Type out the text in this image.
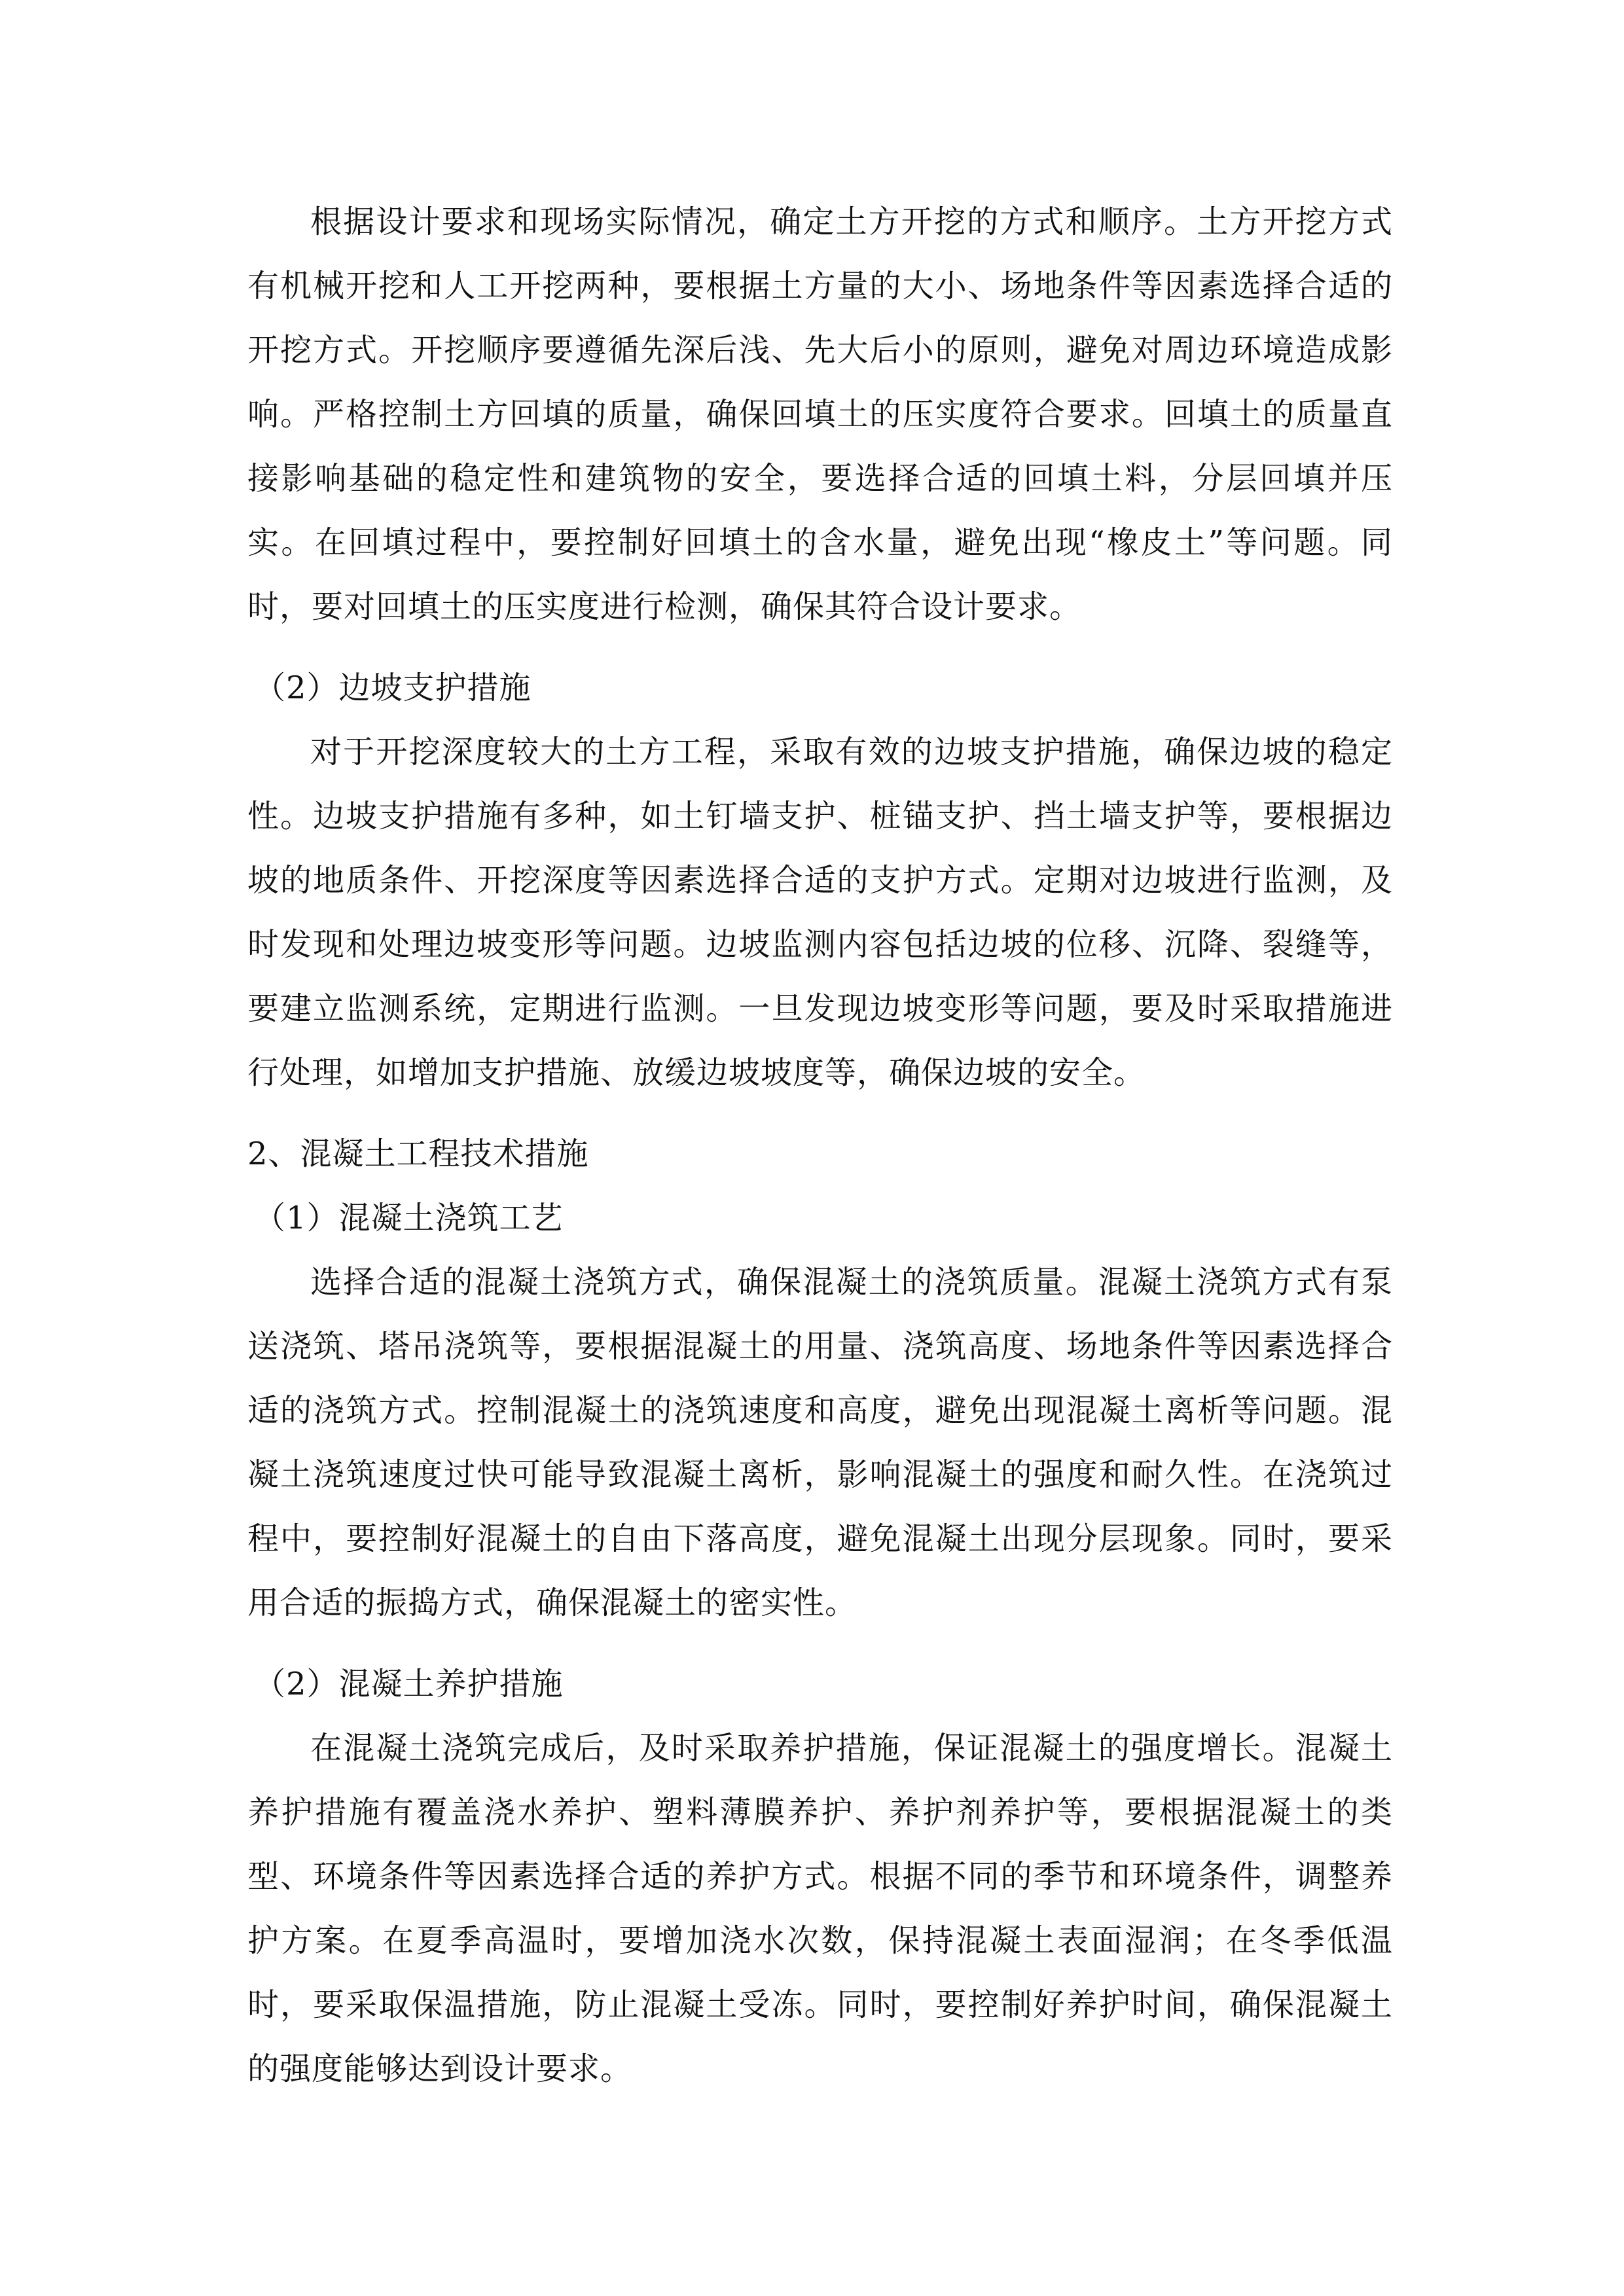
根据设计要求和现场实际情况，确定土方开挖的方式和顺序。土方开挖方式有机械开挖和人工开挖两种，要根据土方量的大小、场地条件等因素选择合适的开挖方式。开挖顺序要遵循先深后浅、先大后小的原则，避免对周边环境造成影响。严格控制土方回填的质量，确保回填土的压实度符合要求。回填土的质量直接影响基础的稳定性和建筑物的安全，要选择合适的回填土料，分层回填并压实。在回填过程中，要控制好回填土的含水量，避免出现“橡皮土”等问题。同时，要对回填土的压实度进行检测，确保其符合设计要求。

（2）边坡支护措施

对于开挖深度较大的土方工程，采取有效的边坡支护措施，确保边坡的稳定性。边坡支护措施有多种，如土钉墙支护、桩锚支护、挡土墙支护等，要根据边坡的地质条件、开挖深度等因素选择合适的支护方式。定期对边坡进行监测，及时发现和处理边坡变形等问题。边坡监测内容包括边坡的位移、沉降、裂缝等，要建立监测系统，定期进行监测。一旦发现边坡变形等问题，要及时采取措施进行处理，如增加支护措施、放缓边坡坡度等，确保边坡的安全。

2、混凝土工程技术措施

（1）混凝土浇筑工艺

选择合适的混凝土浇筑方式，确保混凝土的浇筑质量。混凝土浇筑方式有泵送浇筑、塔吊浇筑等，要根据混凝土的用量、浇筑高度、场地条件等因素选择合适的浇筑方式。控制混凝土的浇筑速度和高度，避免出现混凝土离析等问题。混凝土浇筑速度过快可能导致混凝土离析，影响混凝土的强度和耐久性。在浇筑过程中，要控制好混凝土的自由下落高度，避免混凝土出现分层现象。同时，要采用合适的振捣方式，确保混凝土的密实性。

（2）混凝土养护措施

在混凝土浇筑完成后，及时采取养护措施，保证混凝土的强度增长。混凝土养护措施有覆盖浇水养护、塑料薄膜养护、养护剂养护等，要根据混凝土的类型、环境条件等因素选择合适的养护方式。根据不同的季节和环境条件，调整养护方案。在夏季高温时，要增加浇水次数，保持混凝土表面湿润；在冬季低温时，要采取保温措施，防止混凝土受冻。同时，要控制好养护时间，确保混凝土的强度能够达到设计要求。
